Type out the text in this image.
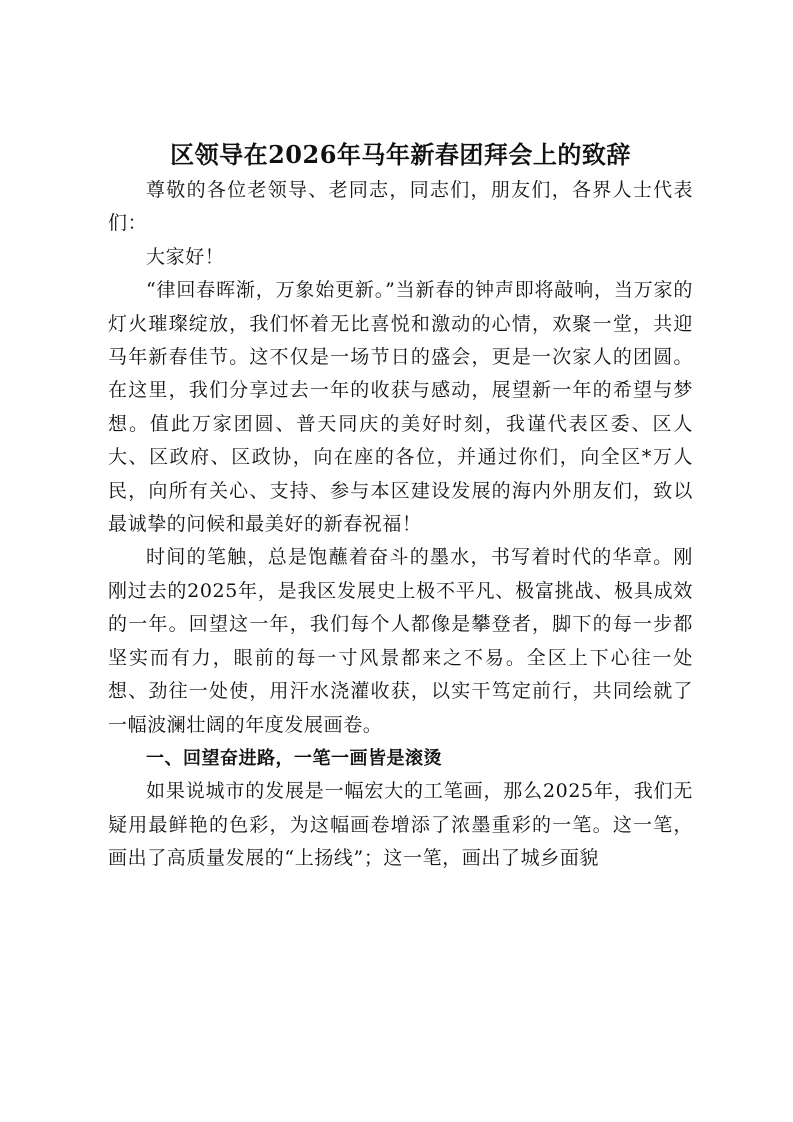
区领导在2026年马年新春团拜会上的致辞

尊敬的各位老领导、老同志，同志们，朋友们，各界人士代表们：

大家好！

“律回春晖渐，万象始更新。”当新春的钟声即将敲响，当万家的灯火璀璨绽放，我们怀着无比喜悦和激动的心情，欢聚一堂，共迎马年新春佳节。这不仅是一场节日的盛会，更是一次家人的团圆。在这里，我们分享过去一年的收获与感动，展望新一年的希望与梦想。值此万家团圆、普天同庆的美好时刻，我谨代表区委、区人大、区政府、区政协，向在座的各位，并通过你们，向全区*万人民，向所有关心、支持、参与本区建设发展的海内外朋友们，致以最诚挚的问候和最美好的新春祝福！

时间的笔触，总是饱蘸着奋斗的墨水，书写着时代的华章。刚刚过去的2025年，是我区发展史上极不平凡、极富挑战、极具成效的一年。回望这一年，我们每个人都像是攀登者，脚下的每一步都坚实而有力，眼前的每一寸风景都来之不易。全区上下心往一处想、劲往一处使，用汗水浇灌收获，以实干笃定前行，共同绘就了一幅波澜壮阔的年度发展画卷。

一、回望奋进路，一笔一画皆是滚烫

如果说城市的发展是一幅宏大的工笔画，那么2025年，我们无疑用最鲜艳的色彩，为这幅画卷增添了浓墨重彩的一笔。这一笔，画出了高质量发展的“上扬线”；这一笔，画出了城乡面貌
